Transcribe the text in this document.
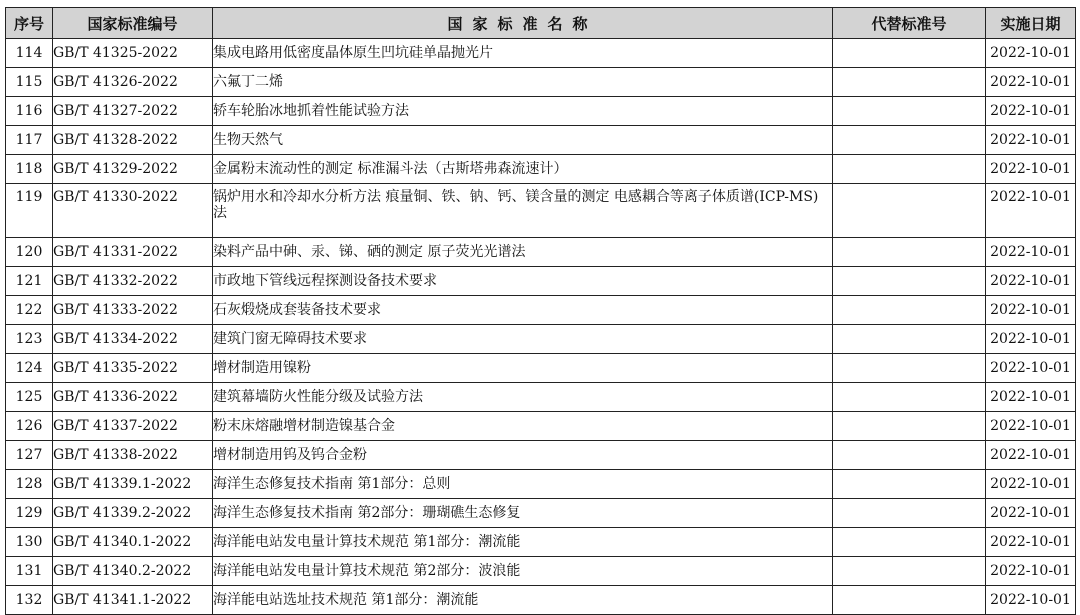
序号	国家标准编号	国家标准名称	代替标准号	实施日期
114	GB/T 41325-2022	集成电路用低密度晶体原生凹坑硅单晶抛光片		2022-10-01
115	GB/T 41326-2022	六氟丁二烯		2022-10-01
116	GB/T 41327-2022	轿车轮胎冰地抓着性能试验方法		2022-10-01
117	GB/T 41328-2022	生物天然气		2022-10-01
118	GB/T 41329-2022	金属粉末流动性的测定 标准漏斗法（古斯塔弗森流速计）		2022-10-01
119	GB/T 41330-2022	锅炉用水和冷却水分析方法 痕量铜、铁、钠、钙、镁含量的测定 电感耦合等离子体质谱(ICP-MS)法		2022-10-01
120	GB/T 41331-2022	染料产品中砷、汞、锑、硒的测定 原子荧光光谱法		2022-10-01
121	GB/T 41332-2022	市政地下管线远程探测设备技术要求		2022-10-01
122	GB/T 41333-2022	石灰煅烧成套装备技术要求		2022-10-01
123	GB/T 41334-2022	建筑门窗无障碍技术要求		2022-10-01
124	GB/T 41335-2022	增材制造用镍粉		2022-10-01
125	GB/T 41336-2022	建筑幕墙防火性能分级及试验方法		2022-10-01
126	GB/T 41337-2022	粉末床熔融增材制造镍基合金		2022-10-01
127	GB/T 41338-2022	增材制造用钨及钨合金粉		2022-10-01
128	GB/T 41339.1-2022	海洋生态修复技术指南 第1部分：总则		2022-10-01
129	GB/T 41339.2-2022	海洋生态修复技术指南 第2部分：珊瑚礁生态修复		2022-10-01
130	GB/T 41340.1-2022	海洋能电站发电量计算技术规范 第1部分：潮流能		2022-10-01
131	GB/T 41340.2-2022	海洋能电站发电量计算技术规范 第2部分：波浪能		2022-10-01
132	GB/T 41341.1-2022	海洋能电站选址技术规范 第1部分：潮流能		2022-10-01
